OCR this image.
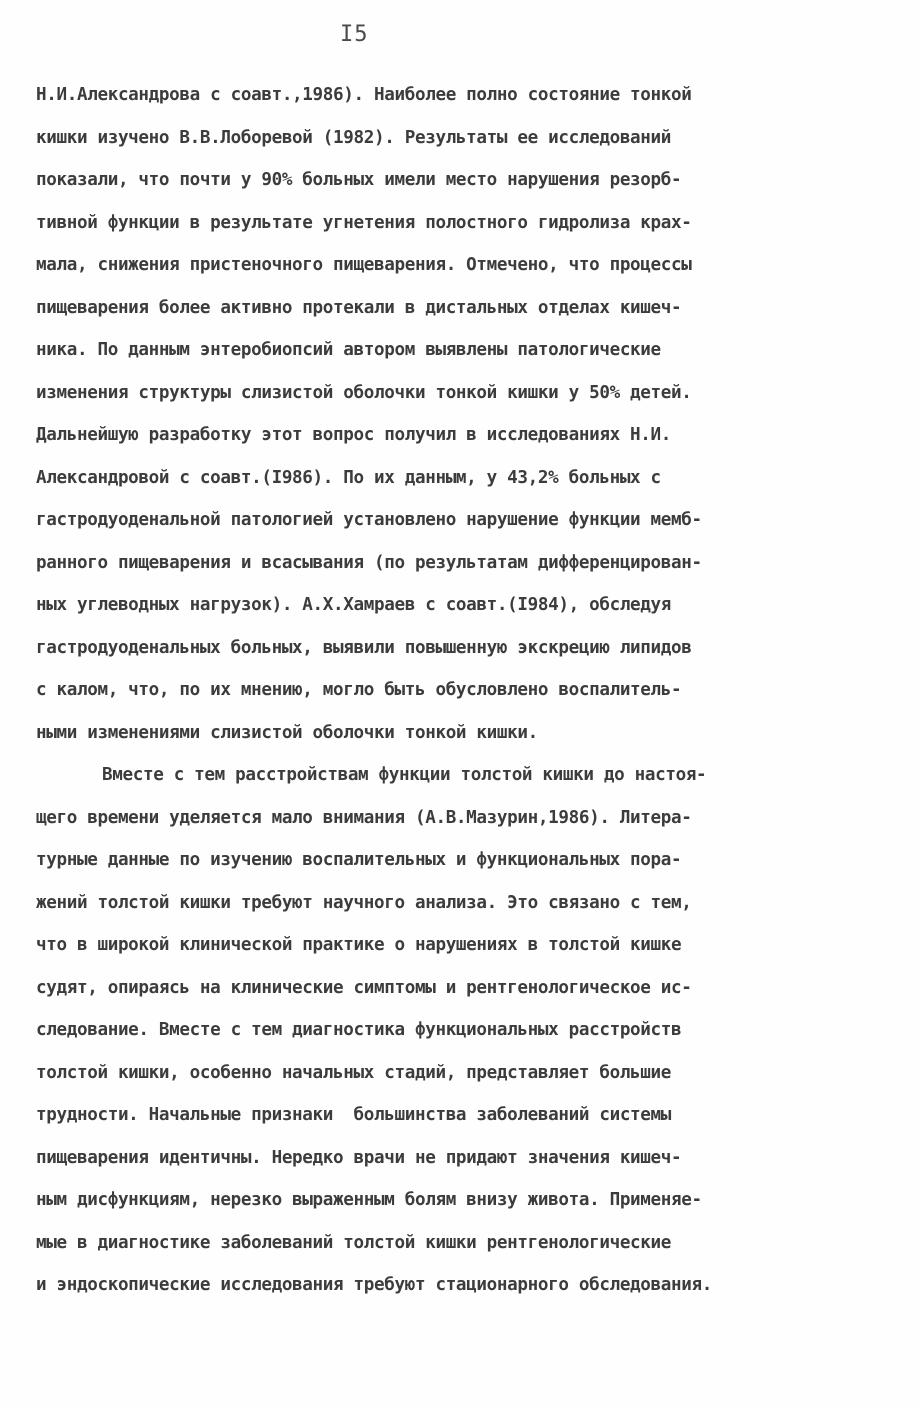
I5
Н.И.Александрова с соавт.,1986). Наиболее полно состояние тонкой
кишки изучено В.В.Лоборевой (1982). Результаты ее исследований
показали, что почти у 90% больных имели место нарушения резорб-
тивной функции в результате угнетения полостного гидролиза крах-
мала, снижения пристеночного пищеварения. Отмечено, что процессы
пищеварения более активно протекали в дистальных отделах кишеч-
ника. По данным энтеробиопсий автором выявлены патологические
изменения структуры слизистой оболочки тонкой кишки у 50% детей.
Дальнейшую разработку этот вопрос получил в исследованиях Н.И.
Александровой с соавт.(I986). По их данным, у 43,2% больных с
гастродуоденальной патологией установлено нарушение функции мемб-
ранного пищеварения и всасывания (по результатам дифференцирован-
ных углеводных нагрузок). А.Х.Хамраев с соавт.(I984), обследуя
гастродуоденальных больных, выявили повышенную экскрецию липидов
с калом, что, по их мнению, могло быть обусловлено воспалитель-
ными изменениями слизистой оболочки тонкой кишки.
Вместе с тем расстройствам функции толстой кишки до настоя-
щего времени уделяется мало внимания (А.В.Мазурин,1986). Литера-
турные данные по изучению воспалительных и функциональных пора-
жений толстой кишки требуют научного анализа. Это связано с тем,
что в широкой клинической практике о нарушениях в толстой кишке
судят, опираясь на клинические симптомы и рентгенологическое ис-
следование. Вместе с тем диагностика функциональных расстройств
толстой кишки, особенно начальных стадий, представляет большие
трудности. Начальные признаки  большинства заболеваний системы
пищеварения идентичны. Нередко врачи не придают значения кишеч-
ным дисфункциям, нерезко выраженным болям внизу живота. Применяе-
мые в диагностике заболеваний толстой кишки рентгенологические
и эндоскопические исследования требуют стационарного обследования.
